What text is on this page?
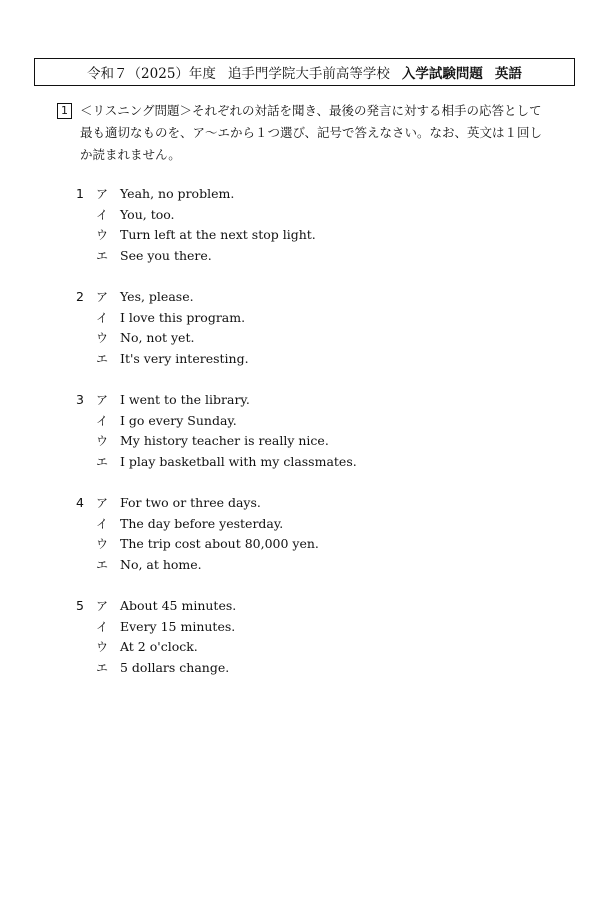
令和７（2025）年度 追手門学院大手前高等学校 入学試験問題 英語
1 ＜リスニング問題＞それぞれの対話を聞き、最後の発言に対する相手の応答として

最も適切なものを、ア～エから１つ選び、記号で答えなさい。なお、英文は１回し

か読まれません。

1	ア Yeah, no problem.
イ You, too.
ウ Turn left at the next stop light.
エ See you there.
2	ア Yes, please.
イ I love this program.
ウ No, not yet.
エ It's very interesting.
3	ア I went to the library.
イ I go every Sunday.
ウ My history teacher is really nice.
エ I play basketball with my classmates.
4	ア For two or three days.
イ The day before yesterday.
ウ The trip cost about 80,000 yen.
エ No, at home.
5	ア About 45 minutes.
イ Every 15 minutes.
ウ At 2 o'clock.
エ 5 dollars change.
